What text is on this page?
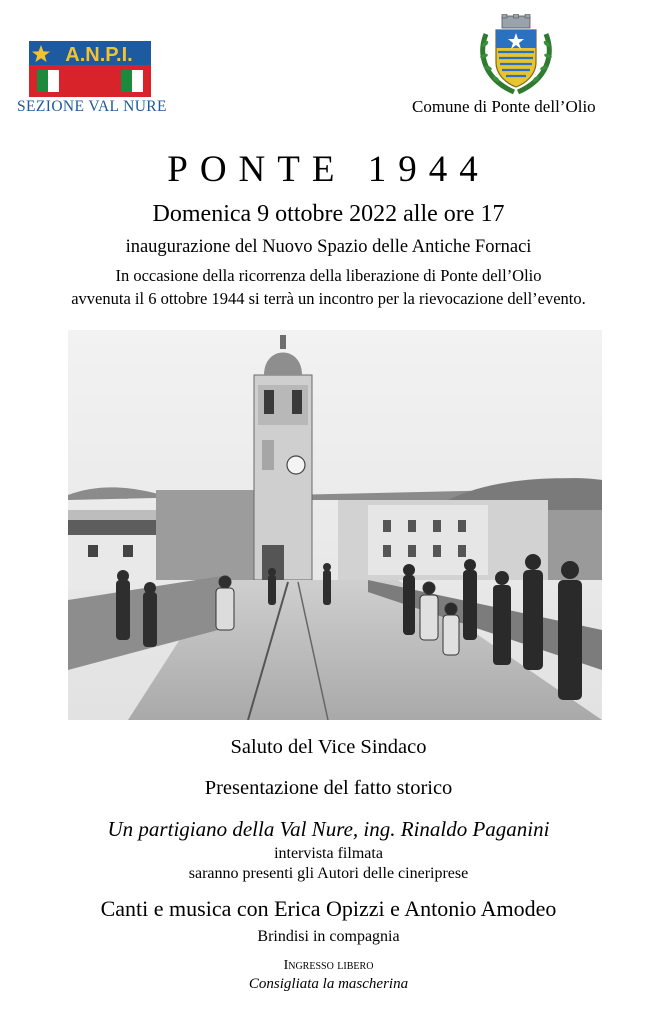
A.N.P.I.
SEZIONE VAL NURE	Comune di Ponte dell’Olio
PONTE 1944
Domenica 9 ottobre 2022 alle ore 17
inaugurazione del Nuovo Spazio delle Antiche Fornaci
In occasione della ricorrenza della liberazione di Ponte dell’Olio
avvenuta il 6 ottobre 1944 si terrà un incontro per la rievocazione dell’evento.
Saluto del Vice Sindaco
Presentazione del fatto storico
Un partigiano della Val Nure, ing. Rinaldo Paganini
intervista filmata
saranno presenti gli Autori delle cineriprese
Canti e musica con Erica Opizzi e Antonio Amodeo
Brindisi in compagnia
Ingresso libero
Consigliata la mascherina
